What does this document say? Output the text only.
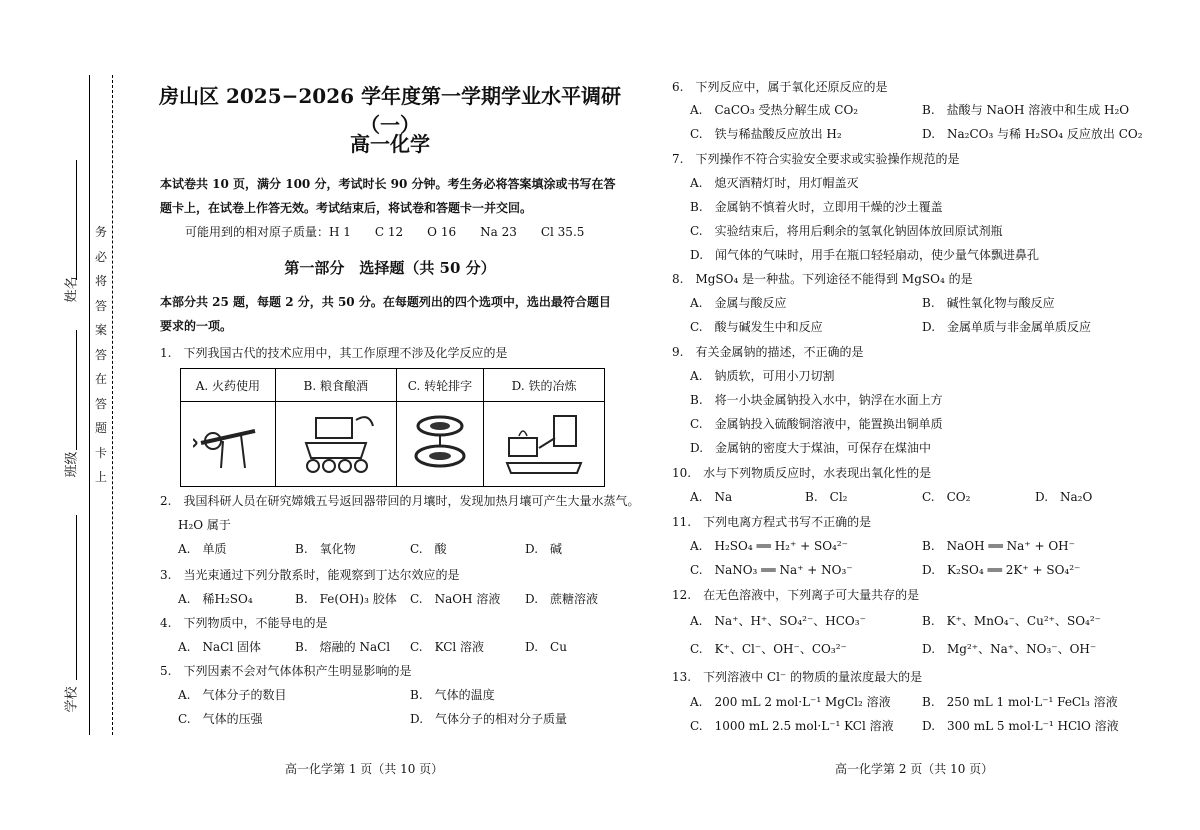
姓名
班级
学校
务
必
将
答
案
答
在
答
题
卡
上
房山区 2025−2026 学年度第一学期学业水平调研（一）
高一化学
本试卷共 10 页，满分 100 分，考试时长 90 分钟。考生务必将答案填涂或书写在答
题卡上，在试卷上作答无效。考试结束后，将试卷和答题卡一并交回。
可能用到的相对原子质量：H 1　　C 12　　O 16　　Na 23　　Cl 35.5
第一部分　选择题（共 50 分）
本部分共 25 题，每题 2 分，共 50 分。在每题列出的四个选项中，选出最符合题目
要求的一项。
1.　下列我国古代的技术应用中，其工作原理不涉及化学反应的是
A. 火药使用	B. 粮食酿酒	C. 转轮排字	D. 铁的冶炼

2.　我国科研人员在研究嫦娥五号返回器带回的月壤时，发现加热月壤可产生大量水蒸气。
H₂O 属于
A.　单质	B.　氧化物	C.　酸	D.　碱
3.　当光束通过下列分散系时，能观察到丁达尔效应的是
A.　稀H₂SO₄	B.　Fe(OH)₃ 胶体 C.　NaOH 溶液 D.　蔗糖溶液
4.　下列物质中，不能导电的是
A.　NaCl 固体	B.　熔融的 NaCl C.　KCl 溶液	D.　Cu
5.　下列因素不会对气体体积产生明显影响的是
A.　气体分子的数目	B.　气体的温度
C.　气体的压强	D.　气体分子的相对分子质量
高一化学第 1 页（共 10 页）
6.　下列反应中，属于氧化还原反应的是
A.　CaCO₃ 受热分解生成 CO₂	B.　盐酸与 NaOH 溶液中和生成 H₂O
C.　铁与稀盐酸反应放出 H₂	D.　Na₂CO₃ 与稀 H₂SO₄ 反应放出 CO₂
7.　下列操作不符合实验安全要求或实验操作规范的是
A.　熄灭酒精灯时，用灯帽盖灭
B.　金属钠不慎着火时，立即用干燥的沙土覆盖
C.　实验结束后，将用后剩余的氢氧化钠固体放回原试剂瓶
D.　闻气体的气味时，用手在瓶口轻轻扇动，使少量气体飘进鼻孔
8.　MgSO₄ 是一种盐。下列途径不能得到 MgSO₄ 的是
A.　金属与酸反应	B.　碱性氧化物与酸反应
C.　酸与碱发生中和反应	D.　金属单质与非金属单质反应
9.　有关金属钠的描述，不正确的是
A.　钠质软，可用小刀切割
B.　将一小块金属钠投入水中，钠浮在水面上方
C.　金属钠投入硫酸铜溶液中，能置换出铜单质
D.　金属钠的密度大于煤油，可保存在煤油中
10.　水与下列物质反应时，水表现出氧化性的是
A.　Na	B.　Cl₂	C.　CO₂	D.　Na₂O
11.　下列电离方程式书写不正确的是
A.　H₂SO₄ ══ H₂⁺ + SO₄²⁻	B.　NaOH ══ Na⁺ + OH⁻
C.　NaNO₃ ══ Na⁺ + NO₃⁻	D.　K₂SO₄ ══ 2K⁺ + SO₄²⁻
12.　在无色溶液中，下列离子可大量共存的是
A.　Na⁺、H⁺、SO₄²⁻、HCO₃⁻	B.　K⁺、MnO₄⁻、Cu²⁺、SO₄²⁻
C.　K⁺、Cl⁻、OH⁻、CO₃²⁻	D.　Mg²⁺、Na⁺、NO₃⁻、OH⁻
13.　下列溶液中 Cl⁻ 的物质的量浓度最大的是
A.　200 mL 2 mol·L⁻¹ MgCl₂ 溶液	B.　250 mL 1 mol·L⁻¹ FeCl₃ 溶液
C.　1000 mL 2.5 mol·L⁻¹ KCl 溶液 D.　300 mL 5 mol·L⁻¹ HClO 溶液
高一化学第 2 页（共 10 页）
